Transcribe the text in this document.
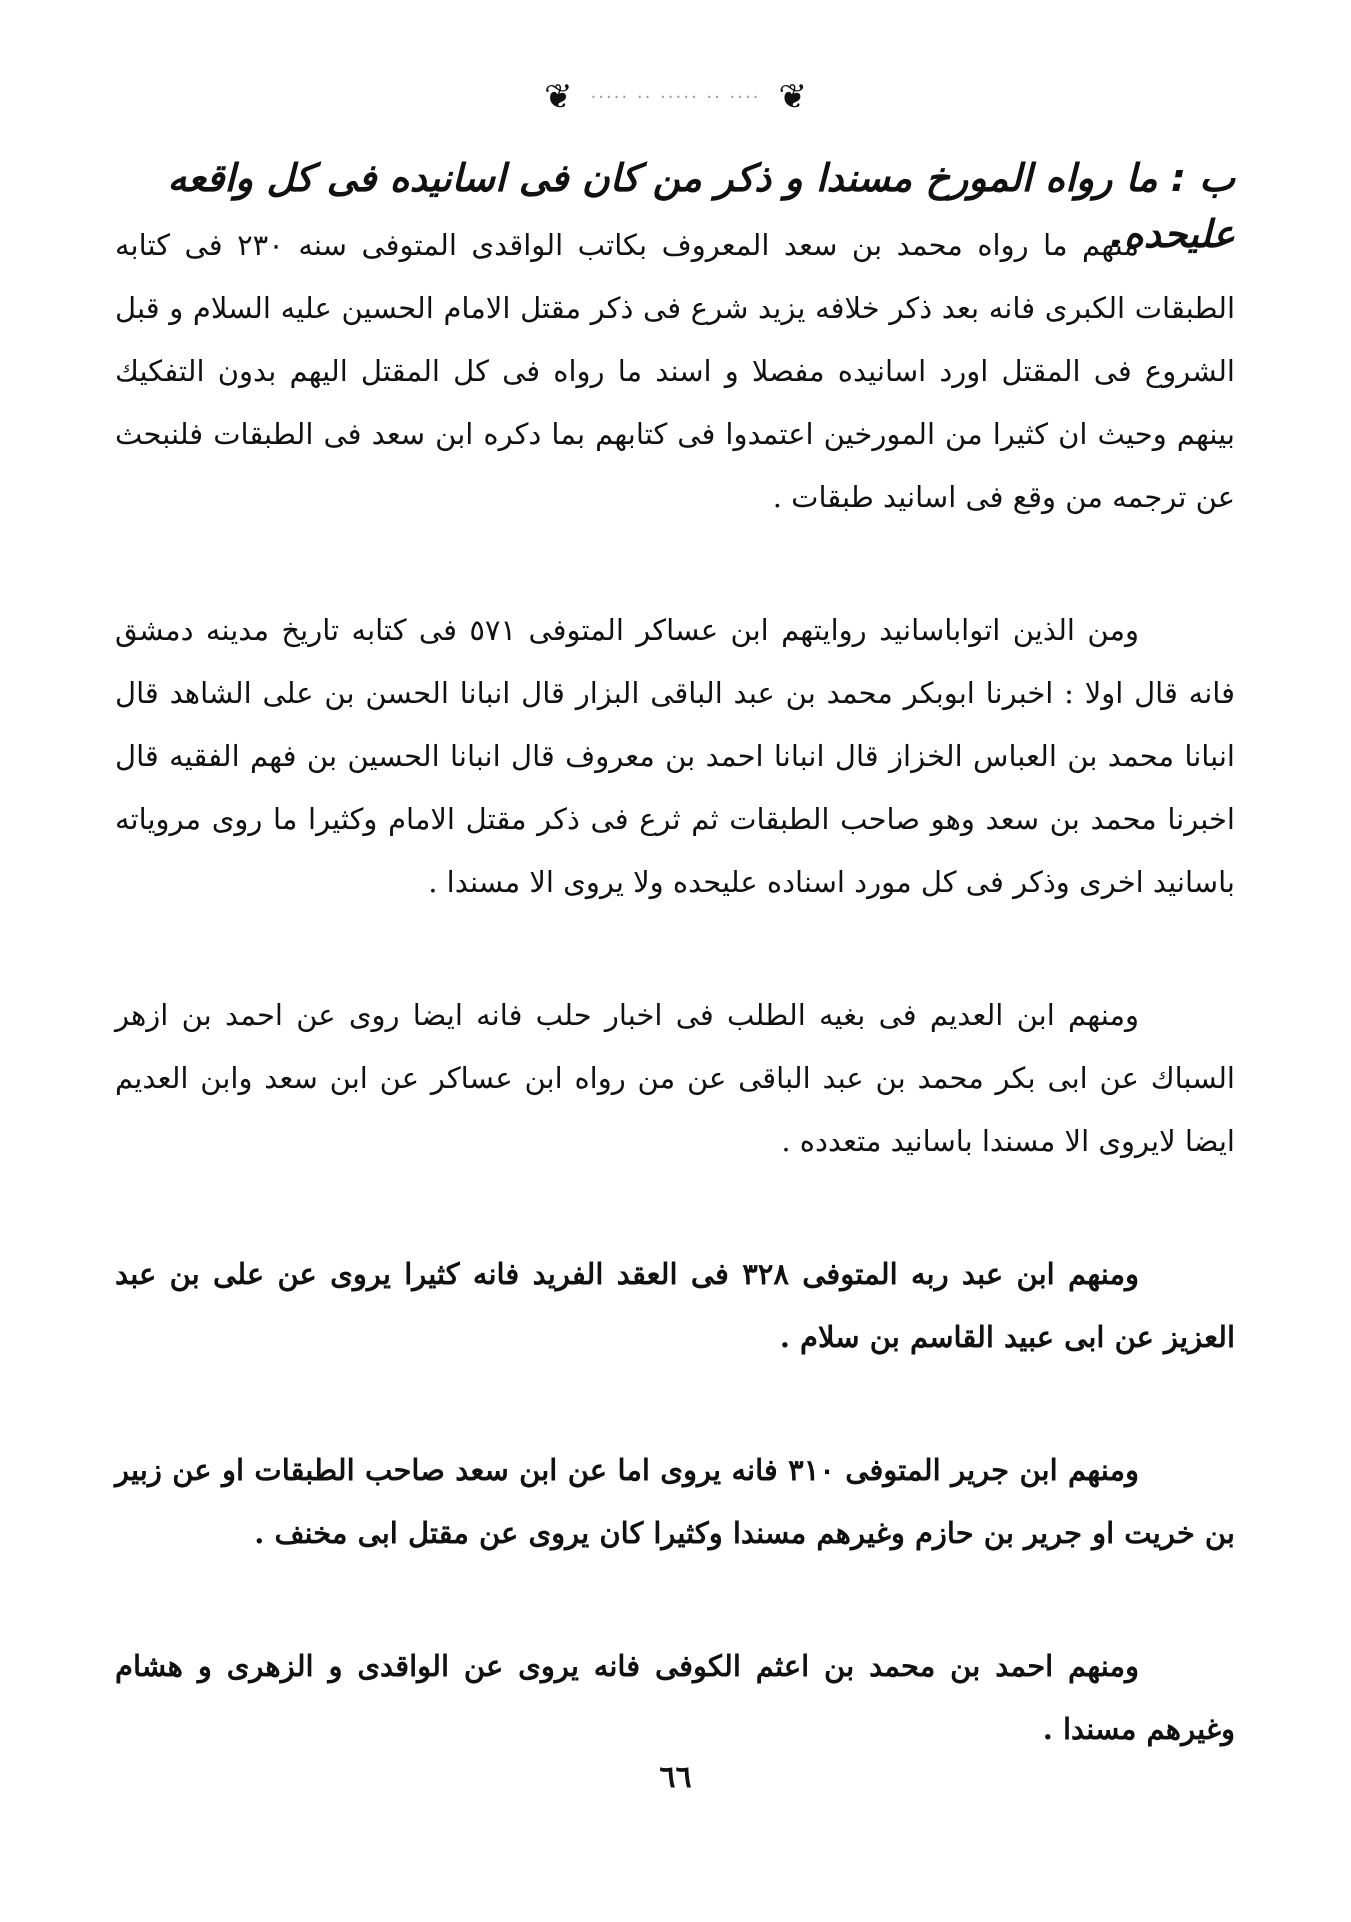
❦
···· ·· ····· ·· ·····
❦
ب : ما رواه المورخ مسندا و ذكر من كان فى اسانيده فى كل واقعه عليحده.

منهم ما رواه محمد بن سعد المعروف بكاتب الواقدى المتوفى سنه ٢٣٠ فى كتابه الطبقات الكبرى فانه بعد ذكر خلافه يزيد شرع فى ذكر مقتل الامام الحسين عليه السلام و قبل الشروع فى المقتل اورد اسانيده مفصلا و اسند ما رواه فى كل المقتل اليهم بدون التفكيك بينهم وحيث ان كثيرا من المورخين اعتمدوا فى كتابهم بما دكره ابن سعد فى الطبقات فلنبحث عن ترجمه من وقع فى اسانيد طبقات .

ومن الذين اتواباسانيد روايتهم ابن عساكر المتوفى ٥٧١ فى كتابه تاريخ مدينه دمشق فانه قال اولا : اخبرنا ابوبكر محمد بن عبد الباقى البزار قال انبانا الحسن بن على الشاهد قال انبانا محمد بن العباس الخزاز قال انبانا احمد بن معروف قال انبانا الحسين بن فهم الفقيه قال اخبرنا محمد بن سعد وهو صاحب الطبقات ثم ثرع فى ذكر مقتل الامام وكثيرا ما روى مروياته باسانيد اخرى وذكر فى كل مورد اسناده عليحده ولا يروى الا مسندا .

ومنهم ابن العديم فى بغيه الطلب فى اخبار حلب فانه ايضا روى عن احمد بن ازهر السباك عن ابى بكر محمد بن عبد الباقى عن من رواه ابن عساكر عن ابن سعد وابن العديم ايضا لايروى الا مسندا باسانيد متعدده .

ومنهم ابن عبد ربه المتوفى ٣٢٨ فى العقد الفريد فانه كثيرا يروى عن على بن عبد العزيز عن ابى عبيد القاسم بن سلام .

ومنهم ابن جرير المتوفى ٣١٠ فانه يروى اما عن ابن سعد صاحب الطبقات او عن زبير بن خريت او جرير بن حازم وغيرهم مسندا وكثيرا كان يروى عن مقتل ابى مخنف .

ومنهم احمد بن محمد بن اعثم الكوفى فانه يروى عن الواقدى و الزهرى و هشام وغيرهم مسندا .

٦٦
